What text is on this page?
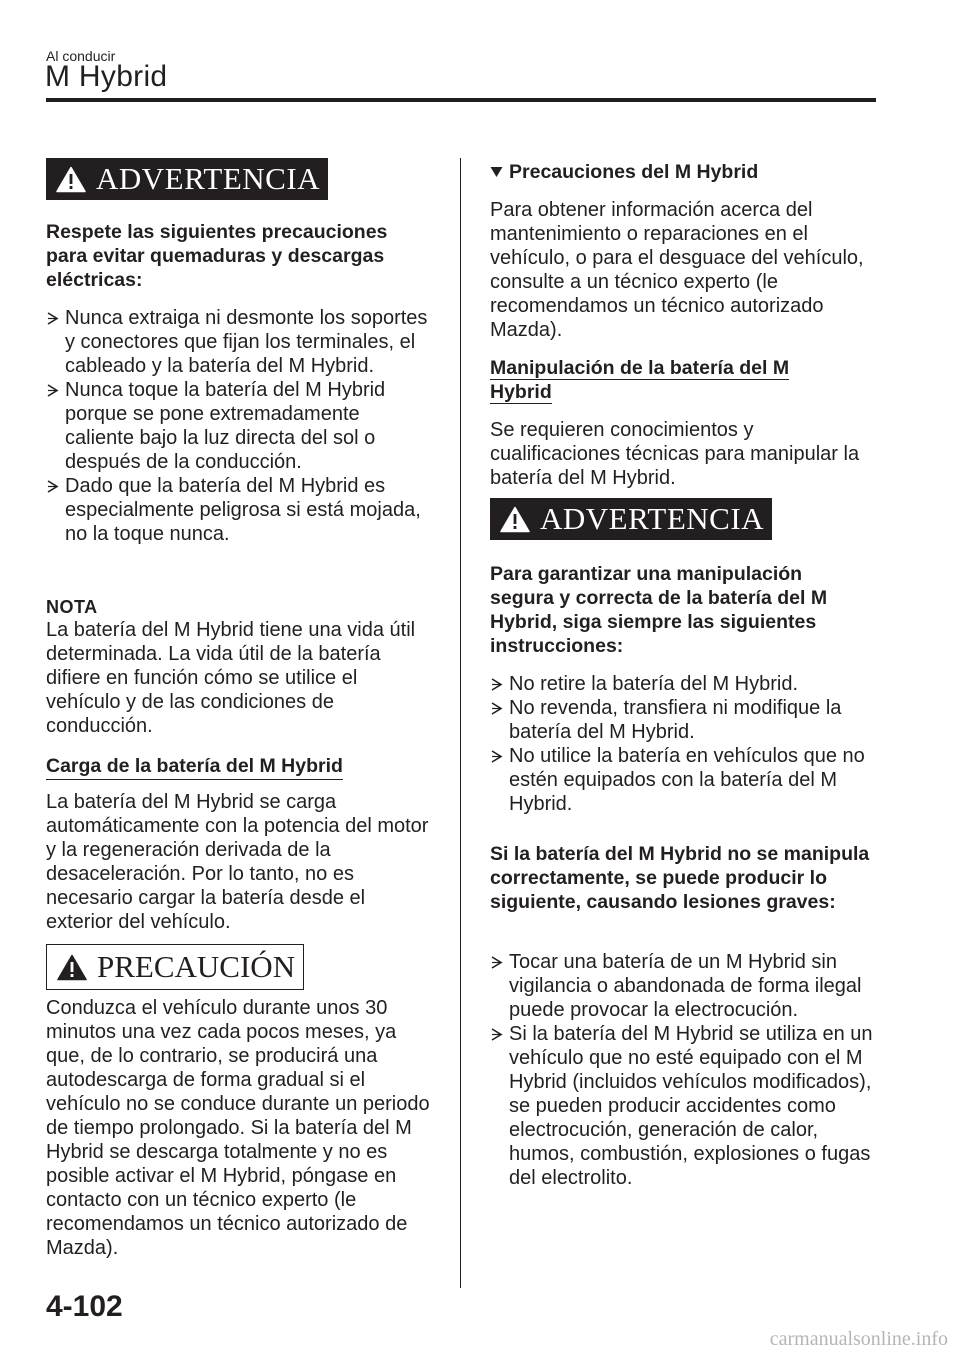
Al conducir
M Hybrid
ADVERTENCIA

Respete las siguientes precauciones para evitar quemaduras y descargas eléctricas:

Nunca extraiga ni desmonte los soportes y conectores que fijan los terminales, el cableado y la batería del M Hybrid.
Nunca toque la batería del M Hybrid porque se pone extremadamente caliente bajo la luz directa del sol o después de la conducción.
Dado que la batería del M Hybrid es especialmente peligrosa si está mojada, no la toque nunca.

NOTA

La batería del M Hybrid tiene una vida útil determinada. La vida útil de la batería difiere en función cómo se utilice el vehículo y de las condiciones de conducción.

Carga de la batería del M Hybrid

La batería del M Hybrid se carga automáticamente con la potencia del motor y la regeneración derivada de la desaceleración. Por lo tanto, no es necesario cargar la batería desde el exterior del vehículo.

PRECAUCIÓN

Conduzca el vehículo durante unos 30 minutos una vez cada pocos meses, ya que, de lo contrario, se producirá una autodescarga de forma gradual si el vehículo no se conduce durante un periodo de tiempo prolongado. Si la batería del M Hybrid se descarga totalmente y no es posible activar el M Hybrid, póngase en contacto con un técnico experto (le recomendamos un técnico autorizado de Mazda).

Precauciones del M Hybrid

Para obtener información acerca del mantenimiento o reparaciones en el vehículo, o para el desguace del vehículo, consulte a un técnico experto (le recomendamos un técnico autorizado Mazda).

Manipulación de la batería del M
Hybrid

Se requieren conocimientos y cualificaciones técnicas para manipular la batería del M Hybrid.

ADVERTENCIA

Para garantizar una manipulación segura y correcta de la batería del M Hybrid, siga siempre las siguientes instrucciones:

No retire la batería del M Hybrid.
No revenda, transfiera ni modifique la batería del M Hybrid.
No utilice la batería en vehículos que no estén equipados con la batería del M Hybrid.

Si la batería del M Hybrid no se manipula correctamente, se puede producir lo siguiente, causando lesiones graves:

Tocar una batería de un M Hybrid sin vigilancia o abandonada de forma ilegal puede provocar la electrocución.
Si la batería del M Hybrid se utiliza en un vehículo que no esté equipado con el M Hybrid (incluidos vehículos modificados), se pueden producir accidentes como electrocución, generación de calor, humos, combustión, explosiones o fugas del electrolito.
4-102
carmanualsonline.info
